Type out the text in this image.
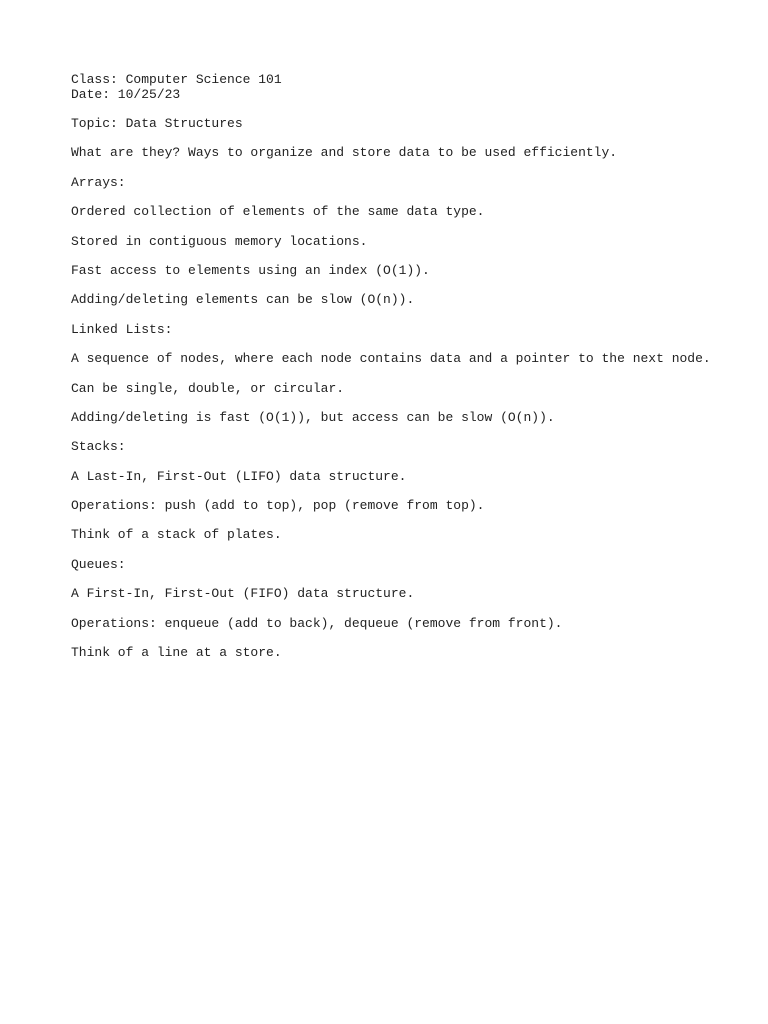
Class: Computer Science 101
Date: 10/25/23

Topic: Data Structures

What are they? Ways to organize and store data to be used efficiently.

Arrays:

Ordered collection of elements of the same data type.

Stored in contiguous memory locations.

Fast access to elements using an index (O(1)).

Adding/deleting elements can be slow (O(n)).

Linked Lists:

A sequence of nodes, where each node contains data and a pointer to the next node.

Can be single, double, or circular.

Adding/deleting is fast (O(1)), but access can be slow (O(n)).

Stacks:

A Last-In, First-Out (LIFO) data structure.

Operations: push (add to top), pop (remove from top).

Think of a stack of plates.

Queues:

A First-In, First-Out (FIFO) data structure.

Operations: enqueue (add to back), dequeue (remove from front).

Think of a line at a store.
